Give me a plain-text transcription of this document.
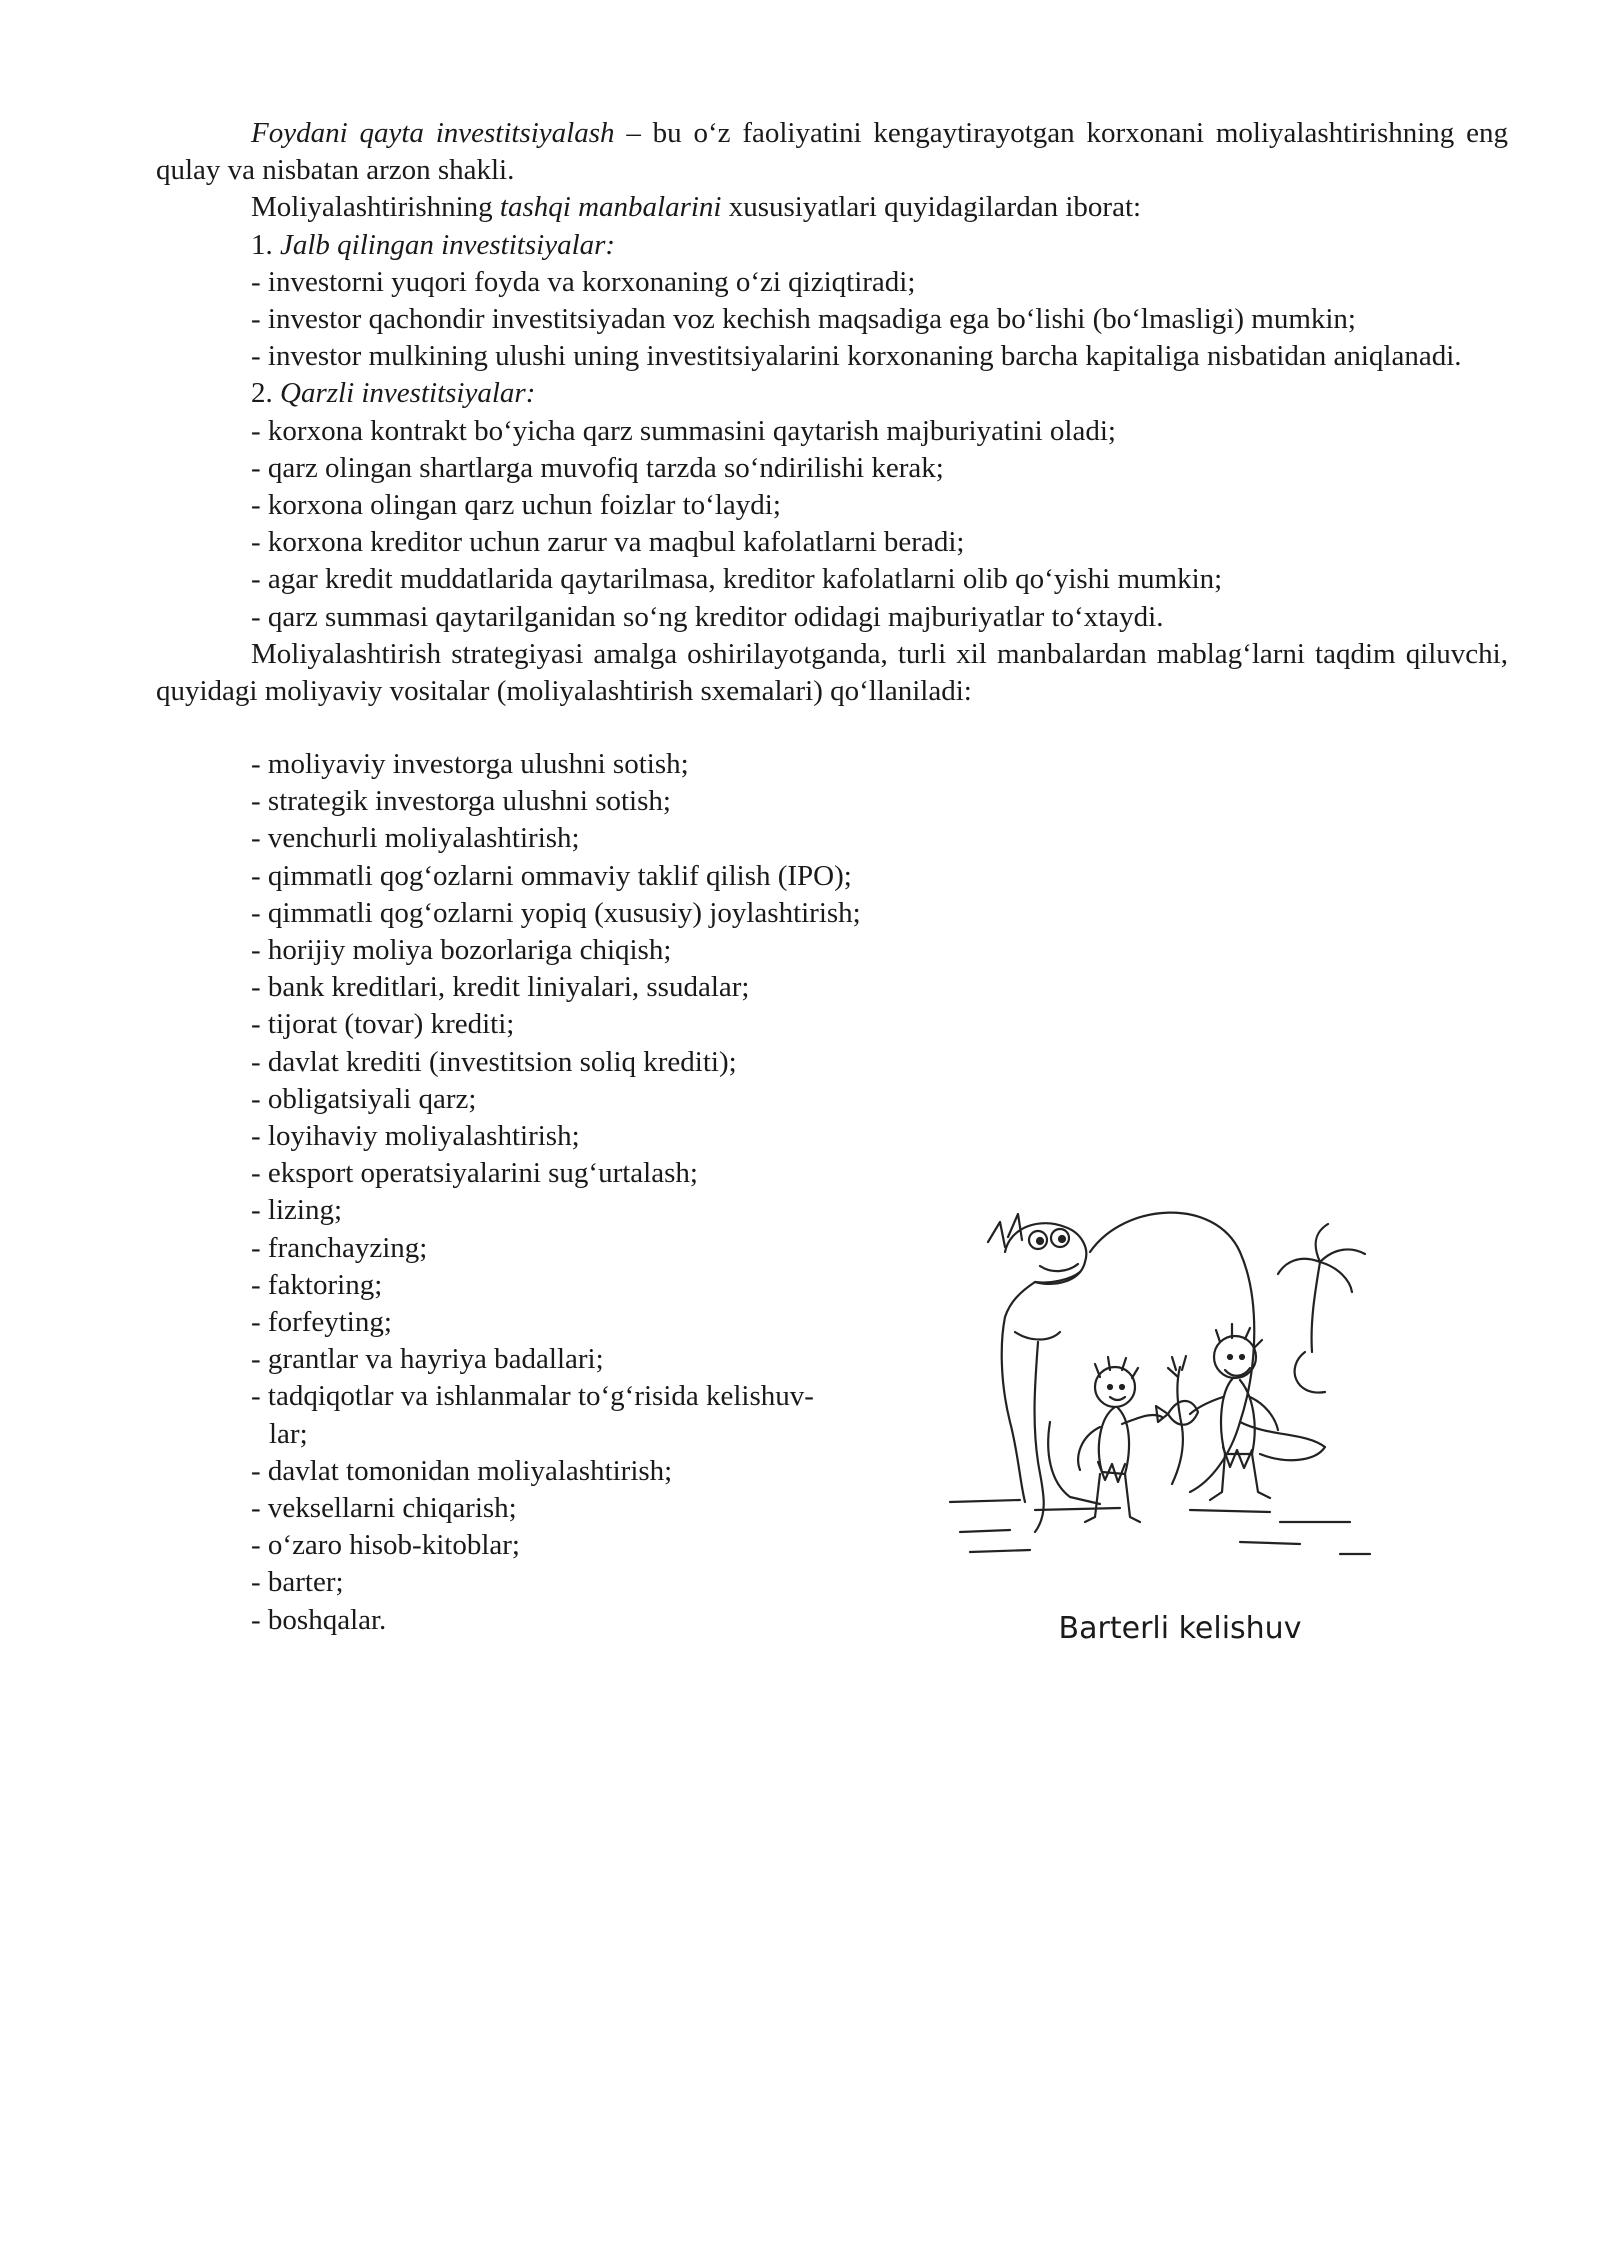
Foydani qayta investitsiyalash – bu o‘z faoliyatini kengaytirayotgan korxonani moliyalashtirishning eng qulay va nisbatan arzon shakli.

Moliyalashtirishning tashqi manbalarini xususiyatlari quyidagilardan iborat:

1. Jalb qilingan investitsiyalar:

- investorni yuqori foyda va korxonaning o‘zi qiziqtiradi;

- investor qachondir investitsiyadan voz kechish maqsadiga ega bo‘lishi (bo‘lmasligi) mumkin;

- investor mulkining ulushi uning investitsiyalarini korxonaning barcha kapitaliga nisbatidan aniqlanadi.

2. Qarzli investitsiyalar:

- korxona kontrakt bo‘yicha qarz summasini qaytarish majburiyatini oladi;

- qarz olingan shartlarga muvofiq tarzda so‘ndirilishi kerak;

- korxona olingan qarz uchun foizlar to‘laydi;

- korxona kreditor uchun zarur va maqbul kafolatlarni beradi;

- agar kredit muddatlarida qaytarilmasa, kreditor kafolatlarni olib qo‘yishi mumkin;

- qarz summasi qaytarilganidan so‘ng kreditor odidagi majburiyatlar to‘xtaydi.

Moliyalashtirish strategiyasi amalga oshirilayotganda, turli xil manbalardan mablag‘larni taqdim qiluvchi, quyidagi moliyaviy vositalar (moliyalashtirish sxemalari) qo‘llaniladi:

- moliyaviy investorga ulushni sotish;

- strategik investorga ulushni sotish;

- venchurli moliyalashtirish;

- qimmatli qog‘ozlarni ommaviy taklif qilish (IPO);

- qimmatli qog‘ozlarni yopiq (xususiy) joylashtirish;

- horijiy moliya bozorlariga chiqish;

- bank kreditlari, kredit liniyalari, ssudalar;

- tijorat (tovar) krediti;

- davlat krediti (investitsion soliq krediti);

- obligatsiyali qarz;

- loyihaviy moliyalashtirish;

- eksport operatsiyalarini sug‘urtalash;

- lizing;

- franchayzing;

- faktoring;

- forfeyting;

- grantlar va hayriya badallari;

- tadqiqotlar va ishlanmalar to‘g‘risida kelishuv-

lar;

- davlat tomonidan moliyalashtirish;

- veksellarni chiqarish;

- o‘zaro hisob-kitoblar;

- barter;

- boshqalar.	Barterli kelishuv
